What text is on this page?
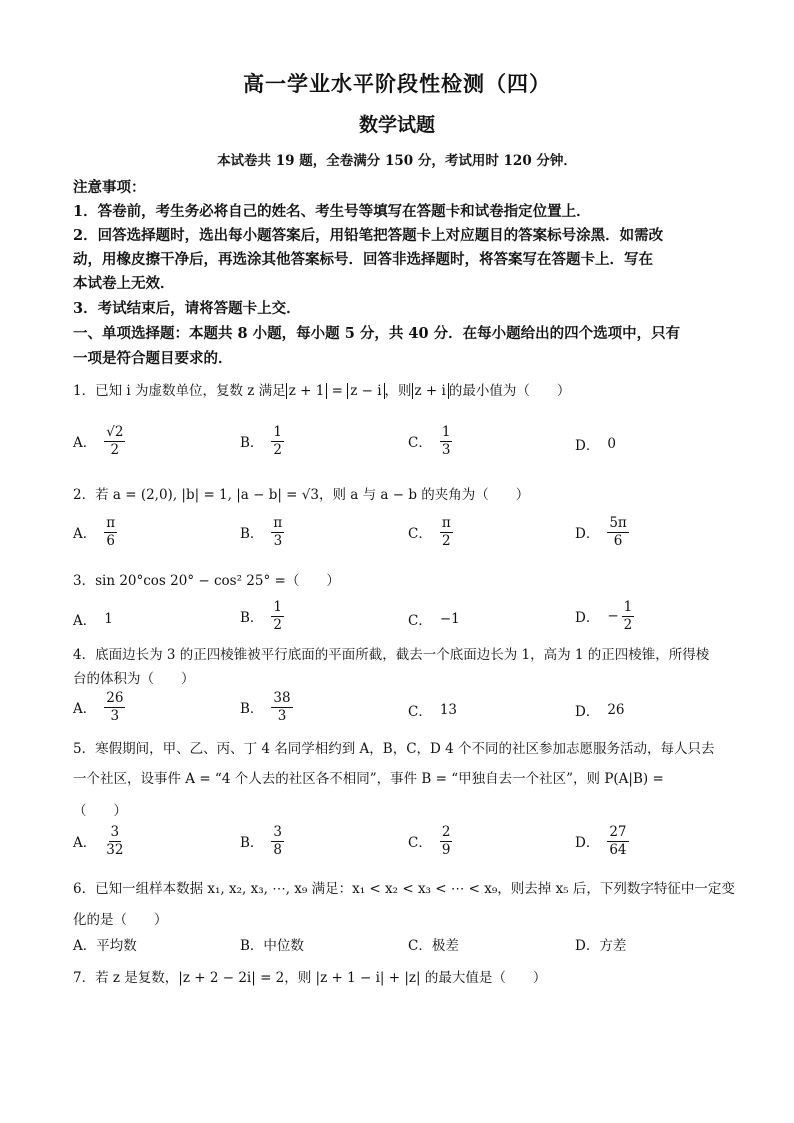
高一学业水平阶段性检测（四）
数学试题
本试卷共 19 题，全卷满分 150 分，考试用时 120 分钟．
注意事项：
1．答卷前，考生务必将自己的姓名、考生号等填写在答题卡和试卷指定位置上．
2．回答选择题时，选出每小题答案后，用铅笔把答题卡上对应题目的答案标号涂黑．如需改
动，用橡皮擦干净后，再选涂其他答案标号．回答非选择题时，将答案写在答题卡上．写在
本试卷上无效．
3．考试结束后，请将答题卡上交．
一、单项选择题：本题共 8 小题，每小题 5 分，共 40 分．在每小题给出的四个选项中，只有
一项是符合题目要求的．
1．已知 i 为虚数单位，复数 z 满足 z + 1 = z − i ，则 z + i 的最小值为（　　）
A． $\frac{√2}{2}$	B． $\frac{1}{2}$	C． $\frac{1}{3}$	D． 0
2．若 a = (2,0), |b| = 1, |a − b| = √3，则 a 与 a − b 的夹角为（　　）
A． $\frac{\pi}{6}$	B． $\frac{\pi}{3}$	C． $\frac{\pi}{2}$	D． $\frac{5\pi}{6}$
3．sin 20°cos 20° − cos² 25° =（　　）
A． 1	B． $\frac{1}{2}$	C． −1	D． − $\frac{1}{2}$
4．底面边长为 3 的正四棱锥被平行底面的平面所截，截去一个底面边长为 1，高为 1 的正四棱锥，所得棱
台的体积为（　　）
A． $\frac{26}{3}$	B． $\frac{38}{3}$	C． 13	D． 26
5．寒假期间，甲、乙、丙、丁 4 名同学相约到 A，B，C，D 4 个不同的社区参加志愿服务活动，每人只去
一个社区，设事件 A = “4 个人去的社区各不相同”，事件 B = “甲独自去一个社区”，则 P(A|B) =
（　　）
A． $\frac{3}{32}$	B． $\frac{3}{8}$	C． $\frac{2}{9}$	D． $\frac{27}{64}$
6．已知一组样本数据 x₁, x₂, x₃, ⋯, x₉ 满足：x₁ < x₂ < x₃ < ⋯ < x₉，则去掉 x₅ 后，下列数字特征中一定变
化的是（　　）
A．平均数	B．中位数	C．极差	D．方差
7．若 z 是复数，|z + 2 − 2i| = 2，则 |z + 1 − i| + |z| 的最大值是（　　）
